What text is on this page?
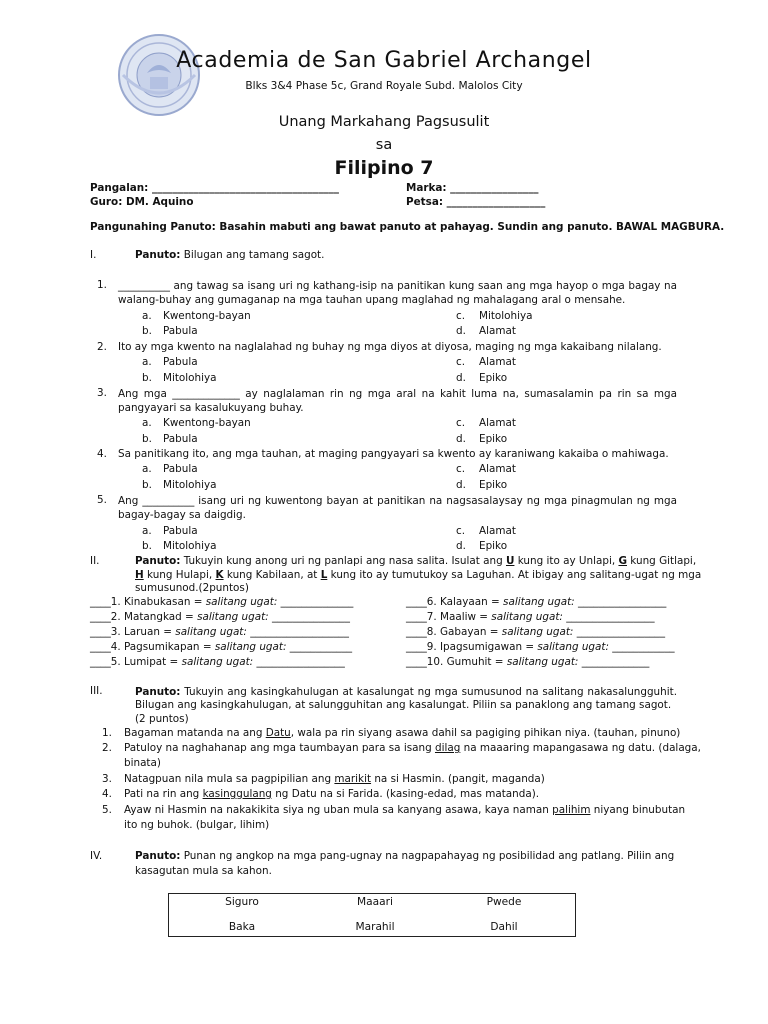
Academia de San Gabriel Archangel
Blks 3&4 Phase 5c, Grand Royale Subd. Malolos City
Unang Markahang Pagsusulit
sa
Filipino 7
Pangalan: ____________________________________	Marka: _________________
Guro: DM. Aquino	Petsa: ___________________
Pangunahing Panuto: Basahin mabuti ang bawat panuto at pahayag. Sundin ang panuto. BAWAL MAGBURA.
I.	Panuto: Bilugan ang tamang sagot.
1. __________ ang tawag sa isang uri ng kathang-isip na panitikan kung saan ang mga hayop o mga bagay na
walang-buhay ang gumaganap na mga tauhan upang maglahad ng mahalagang aral o mensahe.
a. Kwentong-bayan	c. Mitolohiya
b. Pabula	d. Alamat
2. Ito ay mga kwento na naglalahad ng buhay ng mga diyos at diyosa, maging ng mga kakaibang nilalang.
a. Pabula	c. Alamat
b. Mitolohiya	d. Epiko
3. Ang mga _____________ ay naglalaman rin ng mga aral na kahit luma na, sumasalamin pa rin sa mga
pangyayari sa kasalukuyang buhay.
a. Kwentong-bayan	c. Alamat
b. Pabula	d. Epiko
4. Sa panitikang ito, ang mga tauhan, at maging pangyayari sa kwento ay karaniwang kakaiba o mahiwaga.
a. Pabula	c. Alamat
b. Mitolohiya	d. Epiko
5. Ang __________ isang uri ng kuwentong bayan at panitikan na nagsasalaysay ng mga pinagmulan ng mga
bagay-bagay sa daigdig.
a. Pabula	c. Alamat
b. Mitolohiya	d. Epiko
II.	Panuto: Tukuyin kung anong uri ng panlapi ang nasa salita. Isulat ang U kung ito ay Unlapi, G kung Gitlapi,
H kung Hulapi, K kung Kabilaan, at L kung ito ay tumutukoy sa Laguhan. At ibigay ang salitang-ugat ng mga
sumusunod.(2puntos)
____1. Kinabukasan = salitang ugat: ______________
____2. Matangkad = salitang ugat: _______________
____3. Laruan = salitang ugat: ___________________
____4. Pagsumikapan = salitang ugat: ____________
____5. Lumipat = salitang ugat: _________________
____6. Kalayaan = salitang ugat: _________________
____7. Maaliw = salitang ugat: _________________
____8. Gabayan = salitang ugat: _________________
____9. Ipagsumigawan = salitang ugat: ____________
____10. Gumuhit = salitang ugat: _____________
III.	Panuto: Tukuyin ang kasingkahulugan at kasalungat ng mga sumusunod na salitang nakasalungguhit.
Bilugan ang kasingkahulugan, at salungguhitan ang kasalungat. Piliin sa panaklong ang tamang sagot.
(2 puntos)
1. Bagaman matanda na ang Datu, wala pa rin siyang asawa dahil sa pagiging pihikan niya. (tauhan, pinuno)
2. Patuloy na naghahanap ang mga taumbayan para sa isang dilag na maaaring mapangasawa ng datu. (dalaga,
binata)
3. Natagpuan nila mula sa pagpipilian ang marikit na si Hasmin. (pangit, maganda)
4. Pati na rin ang kasinggulang ng Datu na si Farida. (kasing-edad, mas matanda).
5. Ayaw ni Hasmin na nakakikita siya ng uban mula sa kanyang asawa, kaya naman palihim niyang binubutan
ito ng buhok. (bulgar, lihim)
IV.	Panuto: Punan ng angkop na mga pang-ugnay na nagpapahayag ng posibilidad ang patlang. Piliin ang
kasagutan mula sa kahon.
Siguro	Maaari	Pwede
Baka	Marahil	Dahil
